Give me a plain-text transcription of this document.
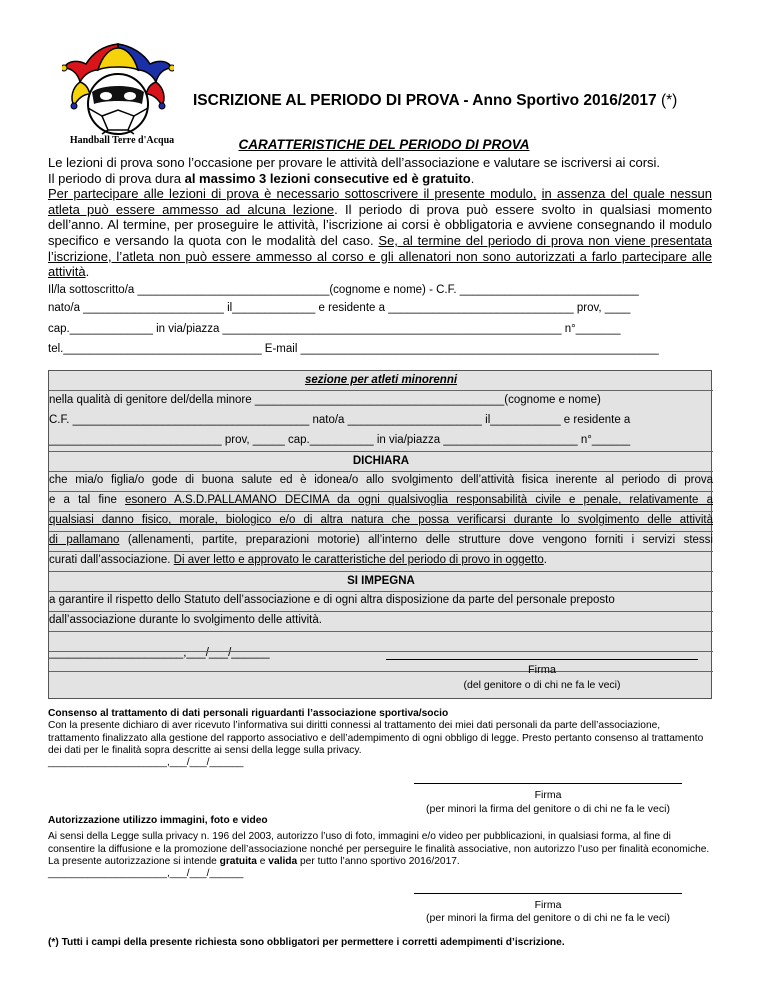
Handball Terre d'Acqua
ISCRIZIONE AL PERIODO DI PROVA - Anno Sportivo 2016/2017 (*)
CARATTERISTICHE DEL PERIODO DI PROVA

Le lezioni di prova sono l’occasione per provare le attività dell’associazione e valutare se iscriversi ai corsi.

Il periodo di prova dura al massimo 3 lezioni consecutive ed è gratuito.

Per partecipare alle lezioni di prova è necessario sottoscrivere il presente modulo, in assenza del quale nessun atleta può essere ammesso ad alcuna lezione. Il periodo di prova può essere svolto in qualsiasi momento dell’anno. Al termine, per proseguire le attività, l’iscrizione ai corsi è obbligatoria e avviene consegnando il modulo specifico e versando la quota con le modalità del caso. Se, al termine del periodo di prova non viene presentata l’iscrizione, l’atleta non può essere ammesso al corso e gli allenatori non sono autorizzati a farlo partecipare alle attività.

Il/la sottoscritto/a ______________________________(cognome e nome) - C.F. ____________________________
nato/a ______________________ il_____________ e residente a _____________________________ prov, ____
cap._____________ in via/piazza _____________________________________________________ n°_______
tel._______________________________ E-mail ________________________________________________________
sezione per atleti minorenni
nella qualità di genitore del/della minore _______________________________________(cognome e nome)
C.F. _____________________________________ nato/a _____________________ il___________ e residente a
___________________________ prov, _____ cap.__________ in via/piazza _____________________ n°______
DICHIARA
che mia/o figlia/o gode di buona salute ed è idonea/o allo svolgimento dell’attività fisica inerente al periodo di prova
e a tal fine esonero A.S.D.PALLAMANO DECIMA da ogni qualsivoglia responsabilità civile e penale, relativamente a
qualsiasi danno fisico, morale, biologico e/o di altra natura che possa verificarsi durante lo svolgimento delle attività
di pallamano (allenamenti, partite, preparazioni motorie) all’interno delle strutture dove vengono forniti i servizi stessi
curati dall’associazione. Di aver letto e approvato le caratteristiche del periodo di provo in oggetto.
SI IMPEGNA
a garantire il rispetto dello Statuto dell’associazione e di ogni altra disposizione da parte del personale preposto
dall’associazione durante lo svolgimento delle attività.
_____________________,___/___/______
Firma
(del genitore o di chi ne fa le veci)
Consenso al trattamento di dati personali riguardanti l’associazione sportiva/socio
Con la presente dichiaro di aver ricevuto l’informativa sui diritti connessi al trattamento dei miei dati personali da parte dell’associazione, trattamento finalizzato alla gestione del rapporto associativo e dell’adempimento di ogni obbligo di legge. Presto pertanto consenso al trattamento dei dati per le finalità sopra descritte ai sensi della legge sulla privacy.
_____________________,___/___/______
Firma
(per minori la firma del genitore o di chi ne fa le veci)
Autorizzazione utilizzo immagini, foto e video
Ai sensi della Legge sulla privacy n. 196 del 2003, autorizzo l’uso di foto, immagini e/o video per pubblicazioni, in qualsiasi forma, al fine di consentire la diffusione e la promozione dell’associazione nonché per perseguire le finalità associative, non autorizzo l’uso per finalità economiche. La presente autorizzazione si intende gratuita e valida per tutto l’anno sportivo 2016/2017.
_____________________,___/___/______
Firma
(per minori la firma del genitore o di chi ne fa le veci)
(*) Tutti i campi della presente richiesta sono obbligatori per permettere i corretti adempimenti d’iscrizione.
